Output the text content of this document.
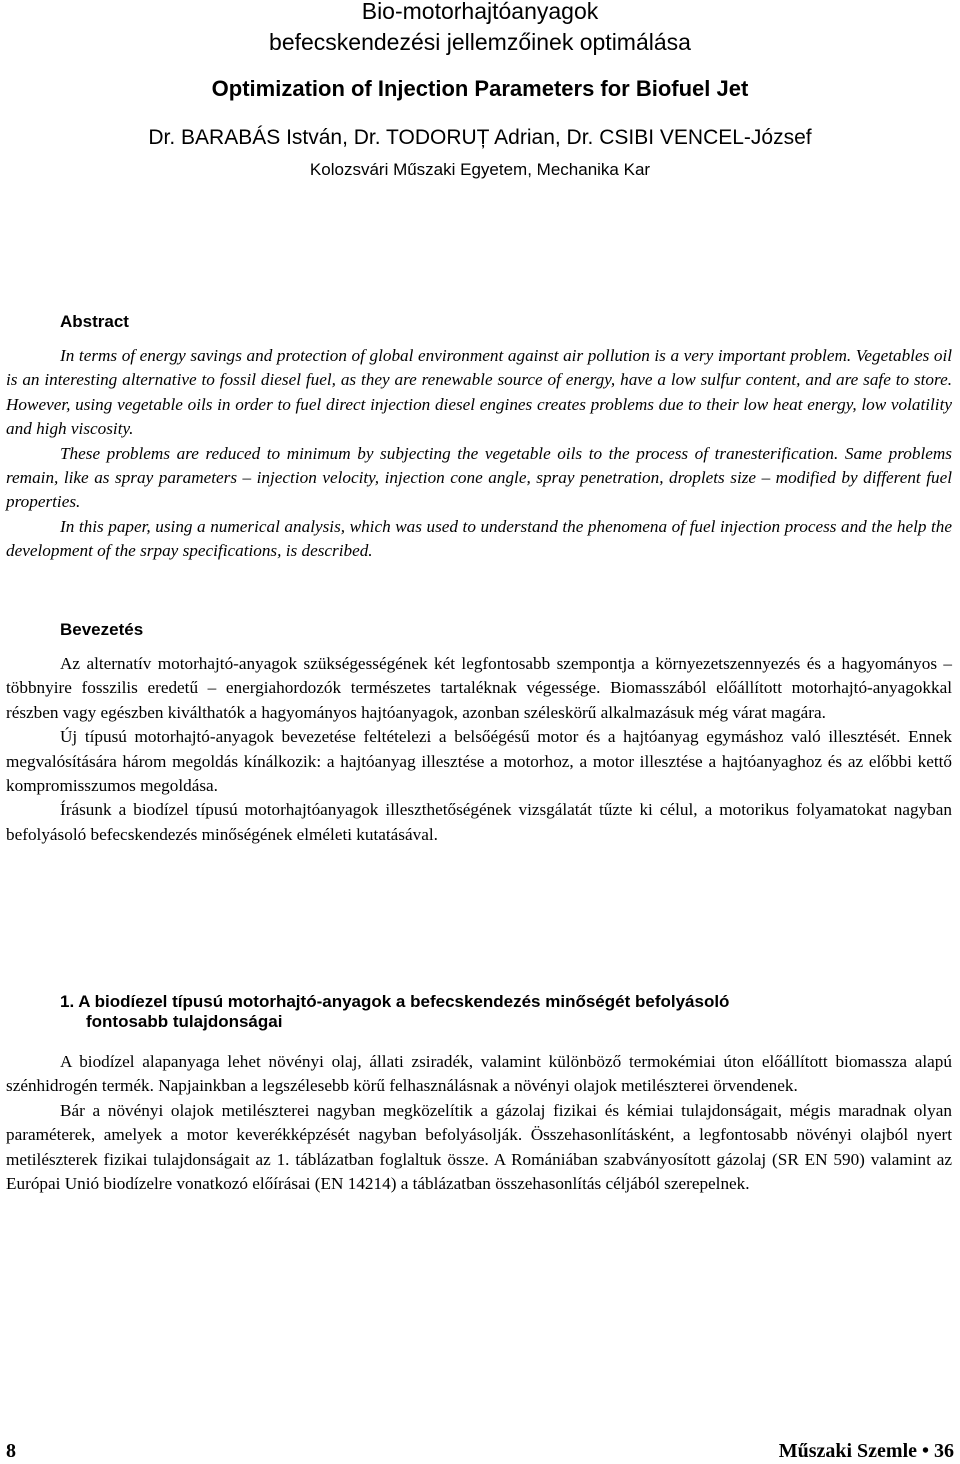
Bio-motorhajtóanyagok
befecskendezési jellemzőinek optimálása
Optimization of Injection Parameters for Biofuel Jet
Dr. BARABÁS István, Dr. TODORUȚ Adrian, Dr. CSIBI VENCEL-József
Kolozsvári Műszaki Egyetem, Mechanika Kar
Abstract

In terms of energy savings and protection of global environment against air pollution is a very important problem. Vegetables oil is an interesting alternative to fossil diesel fuel, as they are renewable source of energy, have a low sulfur content, and are safe to store. However, using vegetable oils in order to fuel direct injection diesel engines creates problems due to their low heat energy, low volatility and high viscosity.

These problems are reduced to minimum by subjecting the vegetable oils to the process of tranesterification. Same problems remain, like as spray parameters – injection velocity, injection cone angle, spray penetration, droplets size – modified by different fuel properties.

In this paper, using a numerical analysis, which was used to understand the phenomena of fuel injection process and the help the development of the srpay specifications, is described.

Bevezetés

Az alternatív motorhajtó-anyagok szükségességének két legfontosabb szempontja a környezetszennyezés és a hagyományos – többnyire fosszilis eredetű – energiahordozók természetes tartaléknak végessége. Biomasszából előállított motorhajtó-anyagokkal részben vagy egészben kiválthatók a hagyományos hajtóanyagok, azonban széleskörű alkalmazásuk még várat magára.

Új típusú motorhajtó-anyagok bevezetése feltételezi a belsőégésű motor és a hajtóanyag egymáshoz való illesztését. Ennek megvalósítására három megoldás kínálkozik: a hajtóanyag illesztése a motorhoz, a motor illesztése a hajtóanyaghoz és az előbbi kettő kompromisszumos megoldása.

Írásunk a biodízel típusú motorhajtóanyagok illeszthetőségének vizsgálatát tűzte ki célul, a motorikus folyamatokat nagyban befolyásoló befecskendezés minőségének elméleti kutatásával.

1. A biodíezel típusú motorhajtó-anyagok a befecskendezés minőségét befolyásoló
fontosabb tulajdonságai

A biodízel alapanyaga lehet növényi olaj, állati zsiradék, valamint különböző termokémiai úton előállított biomassza alapú szénhidrogén termék. Napjainkban a legszélesebb körű felhasználásnak a növényi olajok metilészterei örvendenek.

Bár a növényi olajok metilészterei nagyban megközelítik a gázolaj fizikai és kémiai tulajdonságait, mégis maradnak olyan paraméterek, amelyek a motor keverékképzését nagyban befolyásolják. Összehasonlításként, a legfontosabb növényi olajból nyert metilészterek fizikai tulajdonságait az 1. táblázatban foglaltuk össze. A Romániában szabványosított gázolaj (SR EN 590) valamint az Európai Unió biodízelre vonatkozó előírásai (EN 14214) a táblázatban összehasonlítás céljából szerepelnek.

8	Műszaki Szemle • 36
